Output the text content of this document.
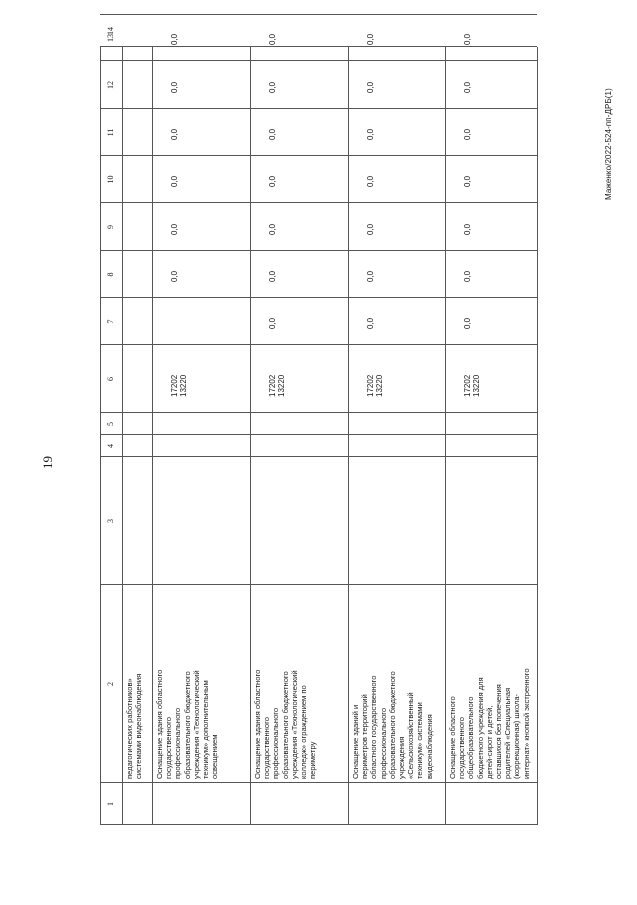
19
Маженко/2022-524-пп-ДРБ(1)
1
2
3
4
5
6
7
8
9
10
11
12
13
14
педагогических работников»
системами видеонаблюдения
Оснащение здания областного
государственного
профессионального
образовательного бюджетного
учреждения «Технологический
техникум» дополнительным
освещением
17202
13220
0,0
0,0
0,0
0,0
0,0
0,0
Оснащение здания областного
государственного
профессионального
образовательного бюджетного
учреждения «Технологический
колледж» ограждением по
периметру
17202
13220
0,0
0,0
0,0
0,0
0,0
0,0
0,0
Оснащение зданий и
периметров территорий
областного государственного
профессионального
образовательного бюджетного
учреждения
«Сельскохозяйственный
техникум» системами
видеонаблюдения
17202
13220
0,0
0,0
0,0
0,0
0,0
0,0
0,0
Оснащение областного
государственного
общеобразовательного
бюджетного учреждения для
детей-сирот и детей,
оставшихся без попечения
родителей «Специальная
(коррекционная) школа-
интернат» кнопкой экстренного
17202
13220
0,0
0,0
0,0
0,0
0,0
0,0
0,0
